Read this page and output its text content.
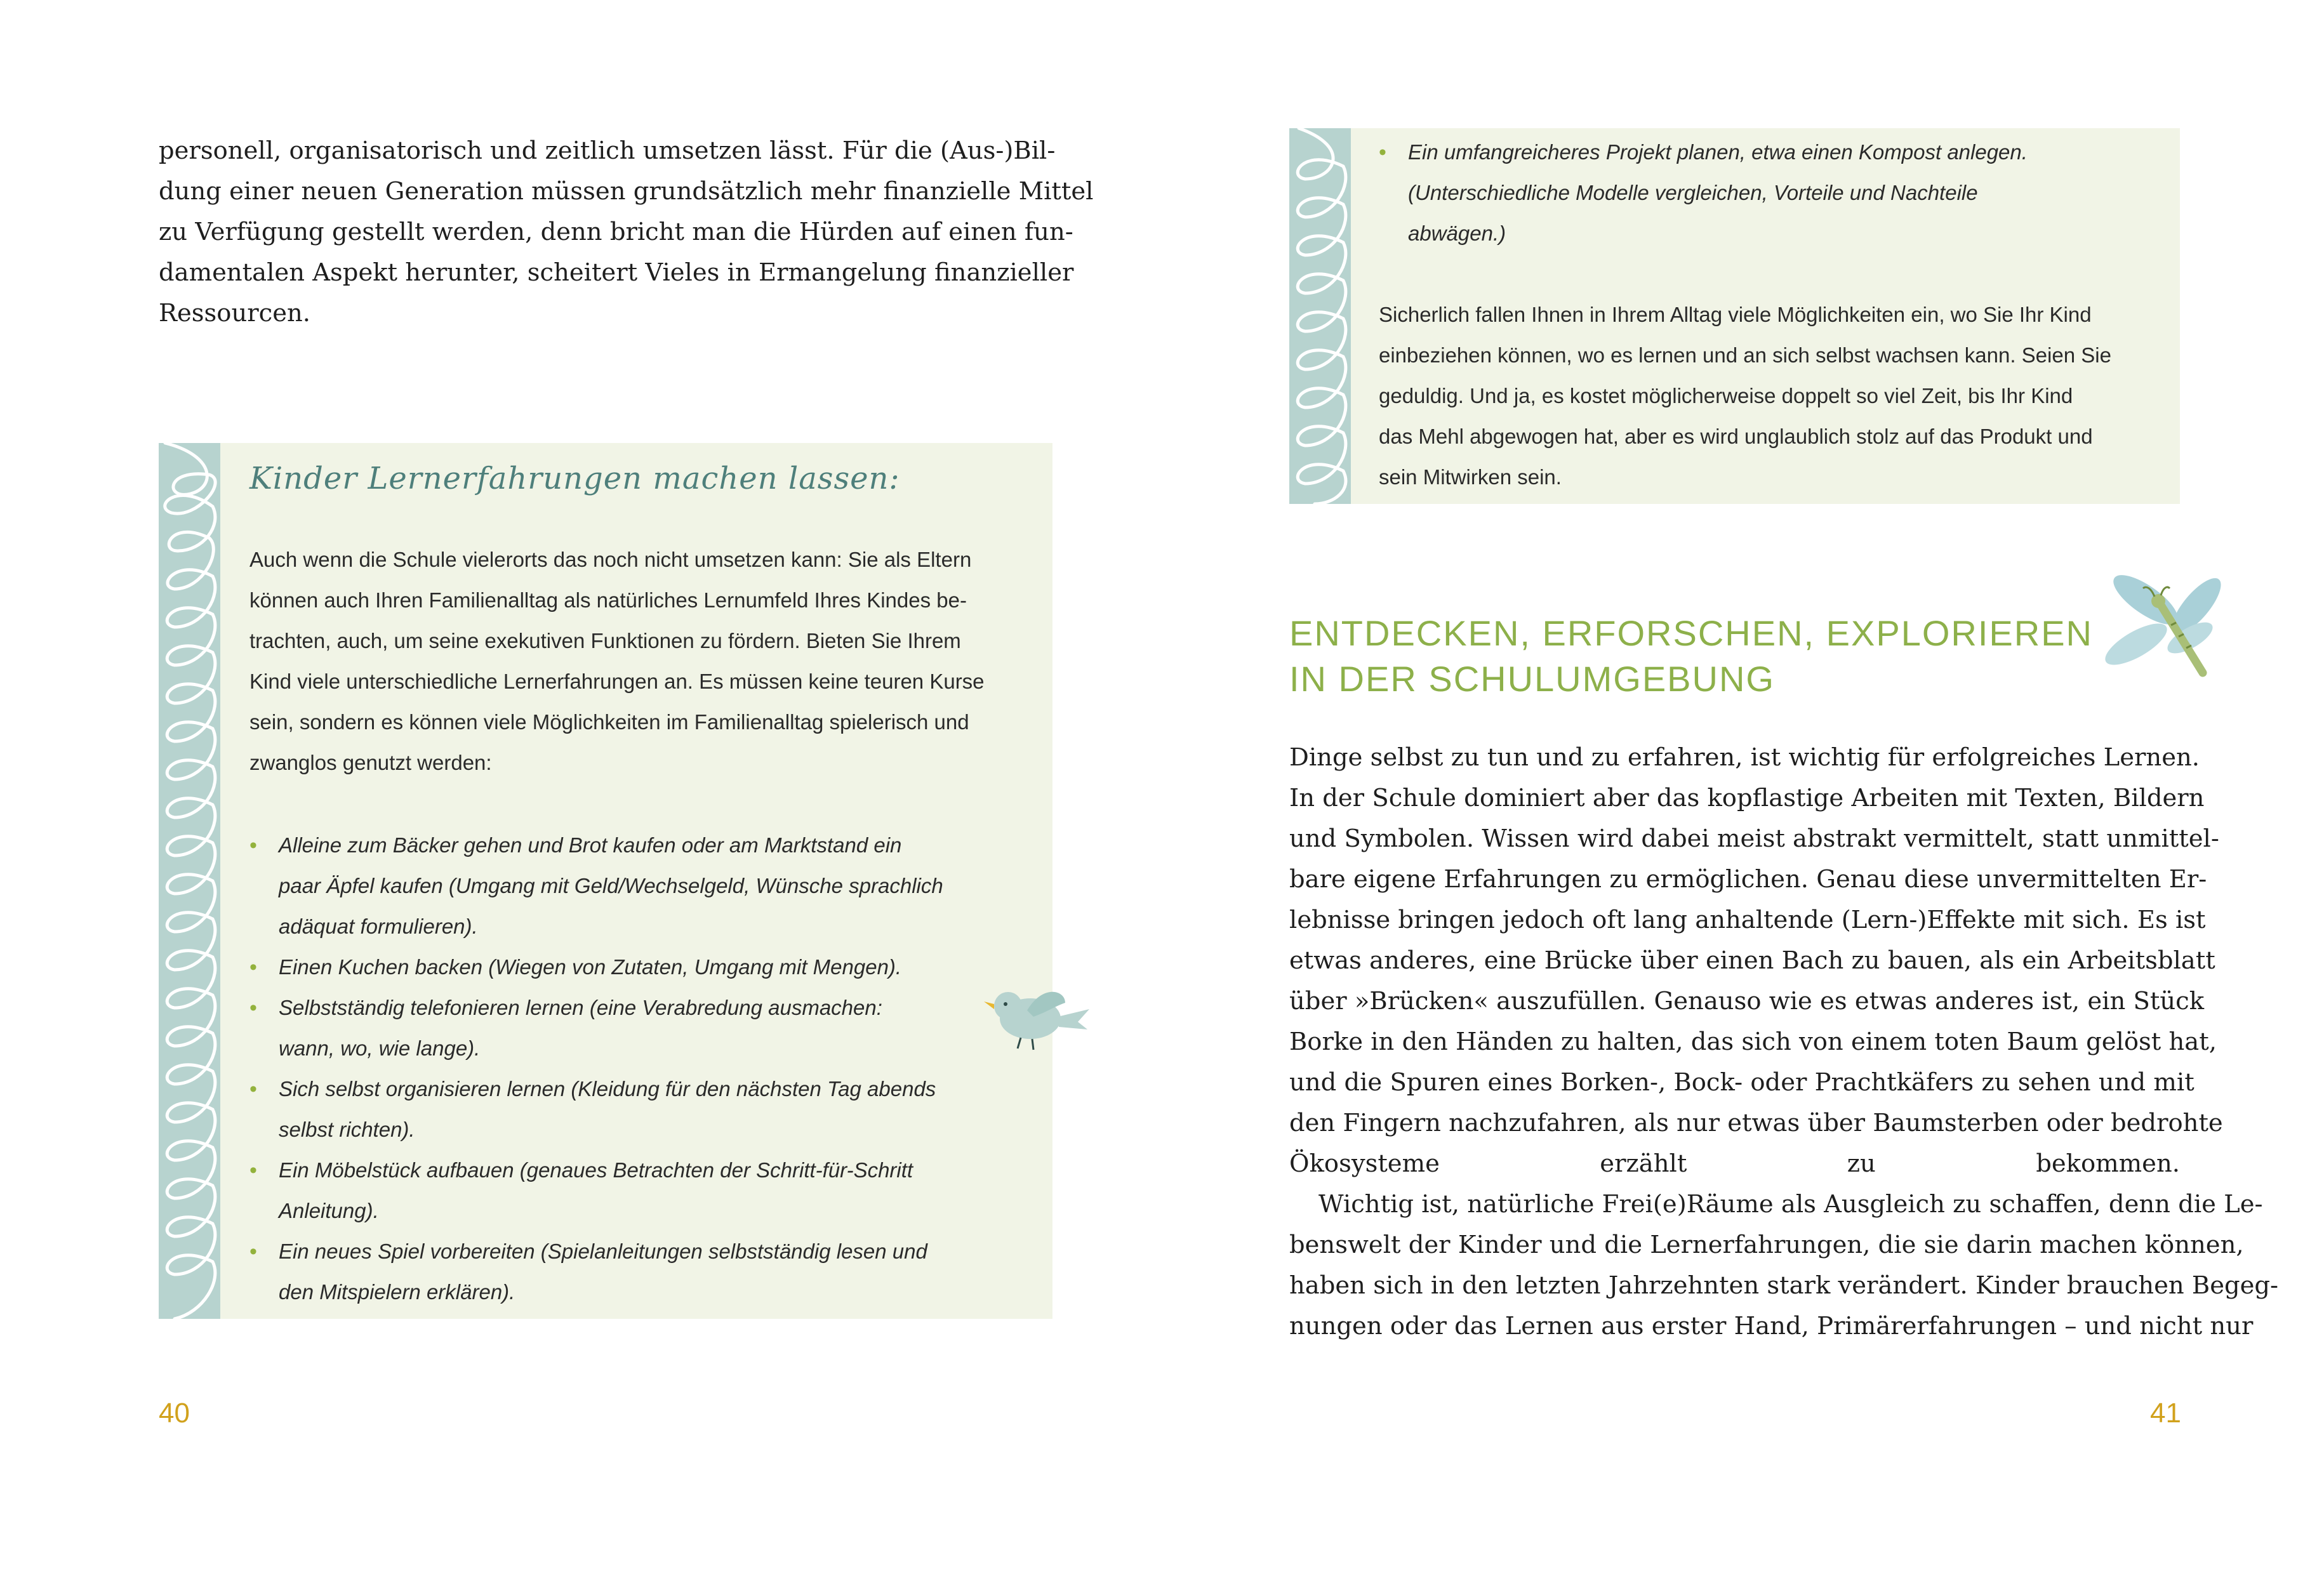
personell, organisatorisch und zeitlich umsetzen lässt. Für die (Aus-)Bil-
dung einer neuen Generation müssen grundsätzlich mehr finanzielle Mittel
zu Verfügung gestellt werden, denn bricht man die Hürden auf einen fun-
damentalen Aspekt herunter, scheitert Vieles in Ermangelung finanzieller
Ressourcen.
Kinder Lernerfahrungen machen lassen:
Auch wenn die Schule vielerorts das noch nicht umsetzen kann: Sie als Eltern
können auch Ihren Familienalltag als natürliches Lernumfeld Ihres Kindes be-
trachten, auch, um seine exekutiven Funktionen zu fördern. Bieten Sie Ihrem
Kind viele unterschiedliche Lernerfahrungen an. Es müssen keine teuren Kurse
sein, sondern es können viele Möglichkeiten im Familienalltag spielerisch und
zwanglos genutzt werden:
• Alleine zum Bäcker gehen und Brot kaufen oder am Marktstand ein
paar Äpfel kaufen (Umgang mit Geld/Wechselgeld, Wünsche sprachlich
adäquat formulieren).
• Einen Kuchen backen (Wiegen von Zutaten, Umgang mit Mengen).
• Selbstständig telefonieren lernen (eine Verabredung ausmachen:
wann, wo, wie lange).
• Sich selbst organisieren lernen (Kleidung für den nächsten Tag abends
selbst richten).
• Ein Möbelstück aufbauen (genaues Betrachten der Schritt-für-Schritt
Anleitung).
• Ein neues Spiel vorbereiten (Spielanleitungen selbstständig lesen und
den Mitspielern erklären).
40
• Ein umfangreicheres Projekt planen, etwa einen Kompost anlegen.
(Unterschiedliche Modelle vergleichen, Vorteile und Nachteile
abwägen.)
Sicherlich fallen Ihnen in Ihrem Alltag viele Möglichkeiten ein, wo Sie Ihr Kind
einbeziehen können, wo es lernen und an sich selbst wachsen kann. Seien Sie
geduldig. Und ja, es kostet möglicherweise doppelt so viel Zeit, bis Ihr Kind
das Mehl abgewogen hat, aber es wird unglaublich stolz auf das Produkt und
sein Mitwirken sein.
ENTDECKEN, ERFORSCHEN, EXPLORIEREN
IN DER SCHULUMGEBUNG
Dinge selbst zu tun und zu erfahren, ist wichtig für erfolgreiches Lernen.
In der Schule dominiert aber das kopflastige Arbeiten mit Texten, Bildern
und Symbolen. Wissen wird dabei meist abstrakt vermittelt, statt unmittel-
bare eigene Erfahrungen zu ermöglichen. Genau diese unvermittelten Er-
lebnisse bringen jedoch oft lang anhaltende (Lern-)Effekte mit sich. Es ist
etwas anderes, eine Brücke über einen Bach zu bauen, als ein Arbeitsblatt
über »Brücken« auszufüllen. Genauso wie es etwas anderes ist, ein Stück
Borke in den Händen zu halten, das sich von einem toten Baum gelöst hat,
und die Spuren eines Borken-, Bock- oder Prachtkäfers zu sehen und mit
den Fingern nachzufahren, als nur etwas über Baumsterben oder bedrohte
Ökosysteme erzählt zu bekommen.
Wichtig ist, natürliche Frei(e)Räume als Ausgleich zu schaffen, denn die Le-
benswelt der Kinder und die Lernerfahrungen, die sie darin machen können,
haben sich in den letzten Jahrzehnten stark verändert. Kinder brauchen Begeg-
nungen oder das Lernen aus erster Hand, Primärerfahrungen – und nicht nur
41
